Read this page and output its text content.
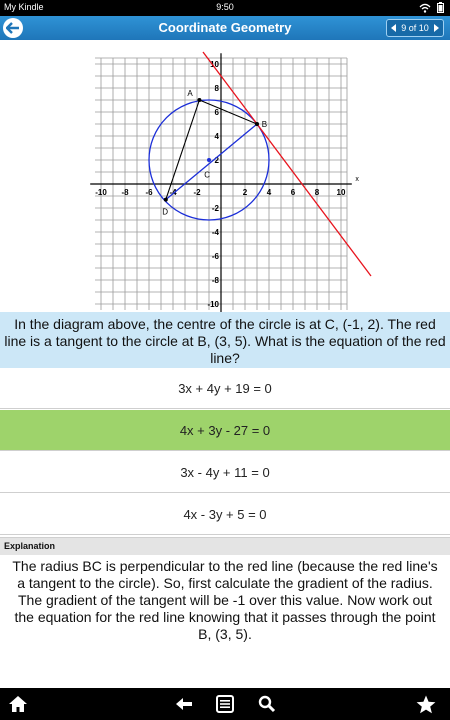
My Kindle	9:50
Coordinate Geometry	9 of 10
x
-10 -8 -6 -4 -2	2 4 6 8 10
10
8
6
4
2
-2
-4
-6
-8
-10
A
B
C
D
In the diagram above, the centre of the circle is at C, (-1, 2). The red line is a tangent to the circle at B, (3, 5). What is the equation of the red line?
3x + 4y + 19 = 0
4x + 3y - 27 = 0
3x - 4y + 11 = 0
4x - 3y + 5 = 0
Explanation
The radius BC is perpendicular to the red line (because the red line's a tangent to the circle). So, first calculate the gradient of the radius. The gradient of the tangent will be -1 over this value. Now work out the equation for the red line knowing that it passes through the point B, (3, 5).
